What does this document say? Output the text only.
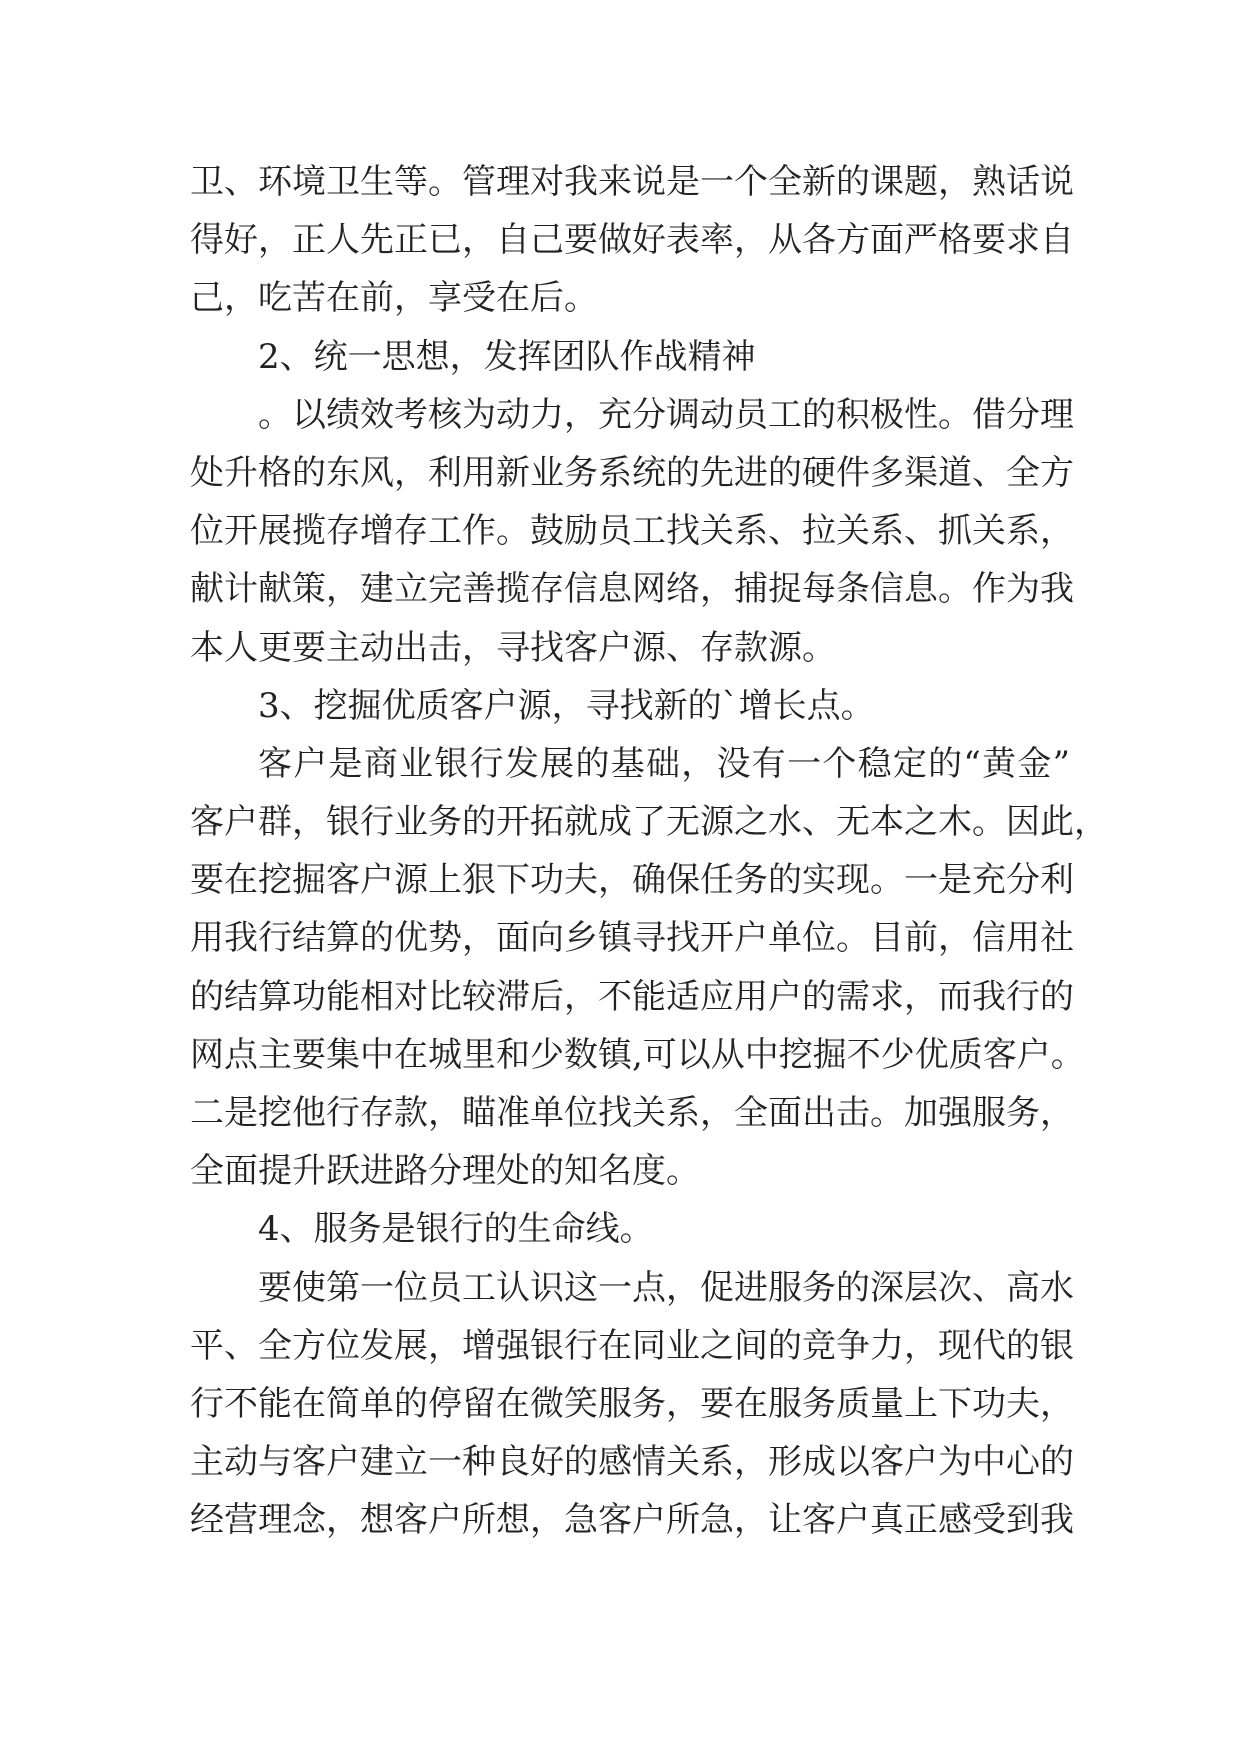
卫、环境卫生等。管理对我来说是一个全新的课题，熟话说
得好，正人先正已，自己要做好表率，从各方面严格要求自
己，吃苦在前，享受在后。
2、统一思想，发挥团队作战精神
。以绩效考核为动力，充分调动员工的积极性。借分理
处升格的东风，利用新业务系统的先进的硬件多渠道、全方
位开展揽存增存工作。鼓励员工找关系、拉关系、抓关系，
献计献策，建立完善揽存信息网络，捕捉每条信息。作为我
本人更要主动出击，寻找客户源、存款源。
3、挖掘优质客户源，寻找新的`增长点。
客户是商业银行发展的基础，没有一个稳定的“黄金”
客户群，银行业务的开拓就成了无源之水、无本之木。因此，
要在挖掘客户源上狠下功夫，确保任务的实现。一是充分利
用我行结算的优势，面向乡镇寻找开户单位。目前，信用社
的结算功能相对比较滞后，不能适应用户的需求，而我行的
网点主要集中在城里和少数镇,可以从中挖掘不少优质客户。
二是挖他行存款，瞄准单位找关系，全面出击。加强服务，
全面提升跃进路分理处的知名度。
4、服务是银行的生命线。
要使第一位员工认识这一点，促进服务的深层次、高水
平、全方位发展，增强银行在同业之间的竞争力，现代的银
行不能在简单的停留在微笑服务，要在服务质量上下功夫，
主动与客户建立一种良好的感情关系，形成以客户为中心的
经营理念，想客户所想，急客户所急，让客户真正感受到我
